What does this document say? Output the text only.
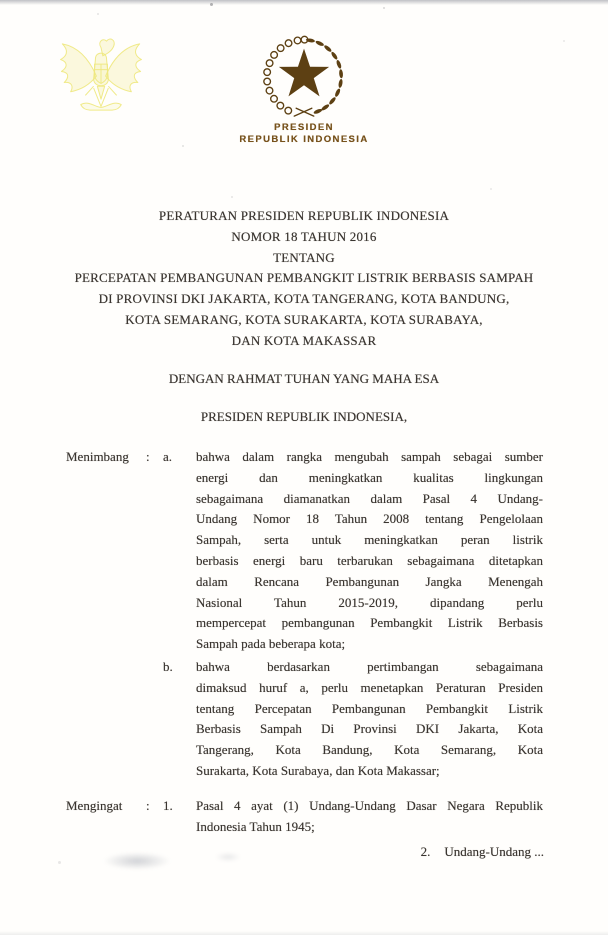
PRESIDEN
REPUBLIK INDONESIA
PERATURAN PRESIDEN REPUBLIK INDONESIA
NOMOR 18 TAHUN 2016
TENTANG
PERCEPATAN PEMBANGUNAN PEMBANGKIT LISTRIK BERBASIS SAMPAH
DI PROVINSI DKI JAKARTA, KOTA TANGERANG, KOTA BANDUNG,
KOTA SEMARANG, KOTA SURAKARTA, KOTA SURABAYA,
DAN KOTA MAKASSAR
DENGAN RAHMAT TUHAN YANG MAHA ESA
PRESIDEN REPUBLIK INDONESIA,
Menimbang	:	a.	bahwa dalam rangka mengubah sampah sebagai sumber
energi dan meningkatkan kualitas lingkungan
sebagaimana diamanatkan dalam Pasal 4 Undang-
Undang Nomor 18 Tahun 2008 tentang Pengelolaan
Sampah, serta untuk meningkatkan peran listrik
berbasis energi baru terbarukan sebagaimana ditetapkan
dalam Rencana Pembangunan Jangka Menengah
Nasional Tahun 2015-2019, dipandang perlu
mempercepat pembangunan Pembangkit Listrik Berbasis
Sampah pada beberapa kota;
b.	bahwa berdasarkan pertimbangan sebagaimana
dimaksud huruf a, perlu menetapkan Peraturan Presiden
tentang Percepatan Pembangunan Pembangkit Listrik
Berbasis Sampah Di Provinsi DKI Jakarta, Kota
Tangerang, Kota Bandung, Kota Semarang, Kota
Surakarta, Kota Surabaya, dan Kota Makassar;
Mengingat	:	1.	Pasal 4 ayat (1) Undang-Undang Dasar Negara Republik
Indonesia Tahun 1945;
2. Undang-Undang ...
